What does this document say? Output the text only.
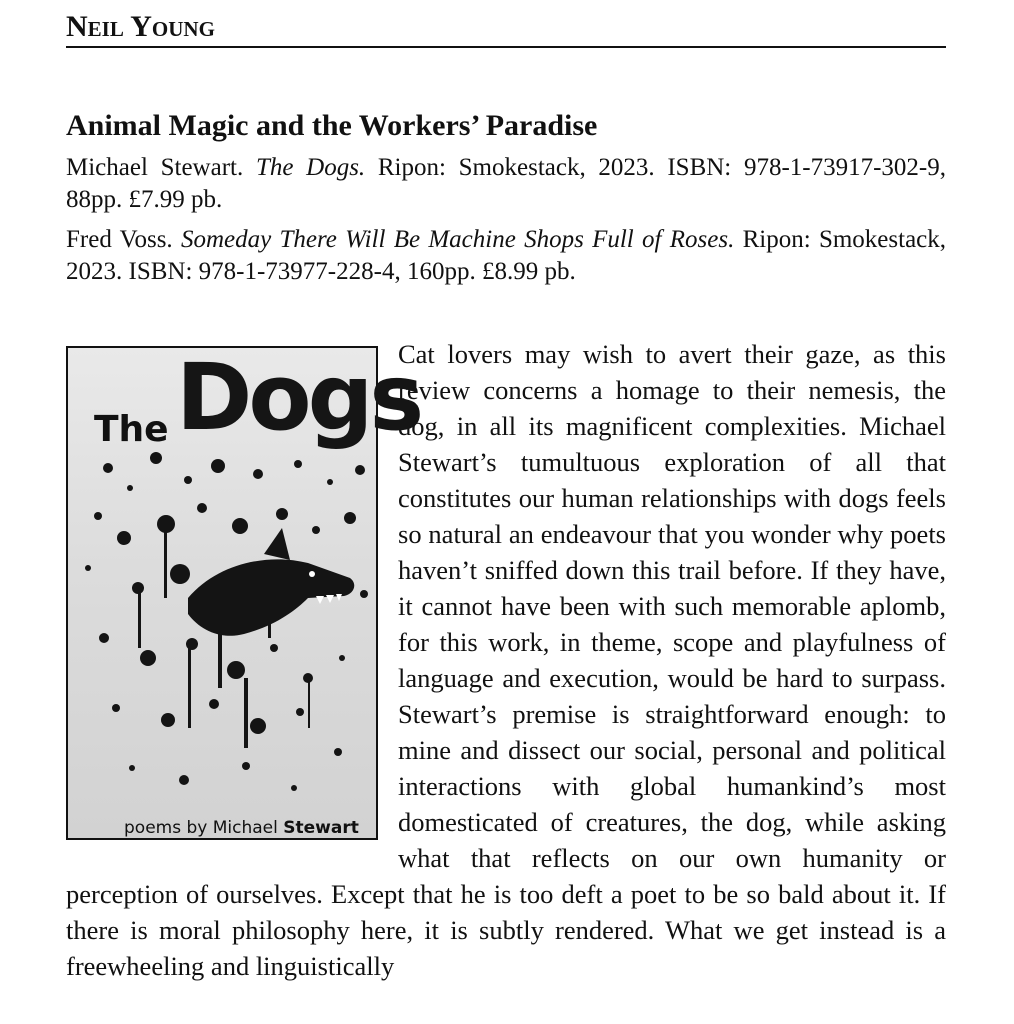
Neil Young
Animal Magic and the Workers’ Paradise

Michael Stewart. The Dogs. Ripon: Smokestack, 2023. ISBN: 978-1-73917-302-9, 88pp. £7.99 pb.

Fred Voss. Someday There Will Be Machine Shops Full of Roses. Ripon: Smokestack, 2023. ISBN: 978-1-73977-228-4, 160pp. £8.99 pb.

Dogs
The
poems by Michael Stewart
Cat lovers may wish to avert their gaze, as this review concerns a homage to their nemesis, the dog, in all its magnificent complexities. Michael Stewart’s tumultuous exploration of all that constitutes our human relationships with dogs feels so natural an endeavour that you wonder why poets haven’t sniffed down this trail before. If they have, it cannot have been with such memorable aplomb, for this work, in theme, scope and playfulness of language and execution, would be hard to surpass. Stewart’s premise is straightforward enough: to mine and dissect our social, personal and political interactions with global humankind’s most domesticated of creatures, the dog, while asking what that reflects on our own humanity or perception of ourselves. Except that he is too deft a poet to be so bald about it. If there is moral philosophy here, it is subtly rendered. What we get instead is a freewheeling and linguistically
